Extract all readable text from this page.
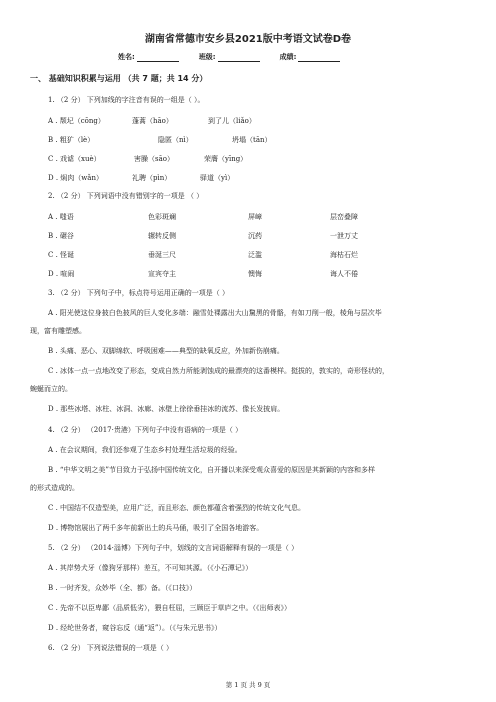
湖南省常德市安乡县2021版中考语文试卷D卷
姓名:	班级:	成绩:
一、 基础知识积累与运用 （共 7 题；共 14 分）
1. （2 分） 下列加线的字注音有误的一组是（ ）。
A . 颓圮（cōng）	蓬蒿（hāo）	到了儿（liǎo）
B . 粗犷（lè）	隐匿（nì）	坍塌（tān）
C . 戏谑（xuè）	害臊（sāo）	荣膺（yīng）
D . 焖肉（wǎn）	礼聘（pìn）	驿道（yì）
2. （2 分） 下列词语中没有错别字的一项是 （ ）
A . 嗤语	色彩斑斓	屏嶂	层峦叠障
B . 碾谷	辗转反侧	沉药	一泄万丈
C . 怪诞	垂涎三尺	泛滥	海枯石烂
D . 喧闹	宣宾夺主	懊悔	诲人不倦
3. （2 分） 下列句子中，标点符号运用正确的一项是（ ）
A . 阳光使这位身披白色披风的巨人变化多端：融雪处裸露出大山黧黑的骨骼，有如刀削一般，棱角与层次毕
现，富有雕塑感。
B . 头痛、恶心、双脚绵软、呼吸困难——典型的缺氧反应，外加新伤崩痛。
C . 冰体一点一点地改变了形态，变成自然力所能剥蚀成的最漂亮的这番模样。挺拔的，敦实的，奇形怪状的，
蜿蜒而立的。
D . 那些冰塔、冰柱、冰洞、冰廊、冰壁上徐徐垂挂冰的流苏、像长发披肩。
4. （2 分） （2017·贵港）下列句子中没有语病的一项是（ ）
A . 在会议期间，我们还参观了生态乡村处理生活垃圾的经验。
B . “中华文明之美”节目致力于弘扬中国传统文化，自开播以来深受观众喜爱的原因是其新颖的内容和多样
的形式造成的。
C . 中国结不仅造型美，应用广泛，而且形态、颜色都蕴含着强烈的传统文化气息。
D . 博物馆展出了两千多年前新出土的兵马俑，吸引了全国各地游客。
5. （2 分） （2014·淄博）下列句子中，划线的文言词语解释有误的一项是（ ）
A . 其岸势犬牙（像狗牙那样）差互，不可知其源。（《小石潭记》）
B . 一时齐发，众妙毕（全、都）备。（《口技》）
C . 先帝不以臣卑鄙（品质低劣），猥自枉屈，三顾臣于草庐之中。（《出师表》）
D . 经纶世务者，窥谷忘反（通“返”）。（《与朱元思书》）
6. （2 分） 下列说法错误的一项是（ ）
第 1 页 共 9 页
